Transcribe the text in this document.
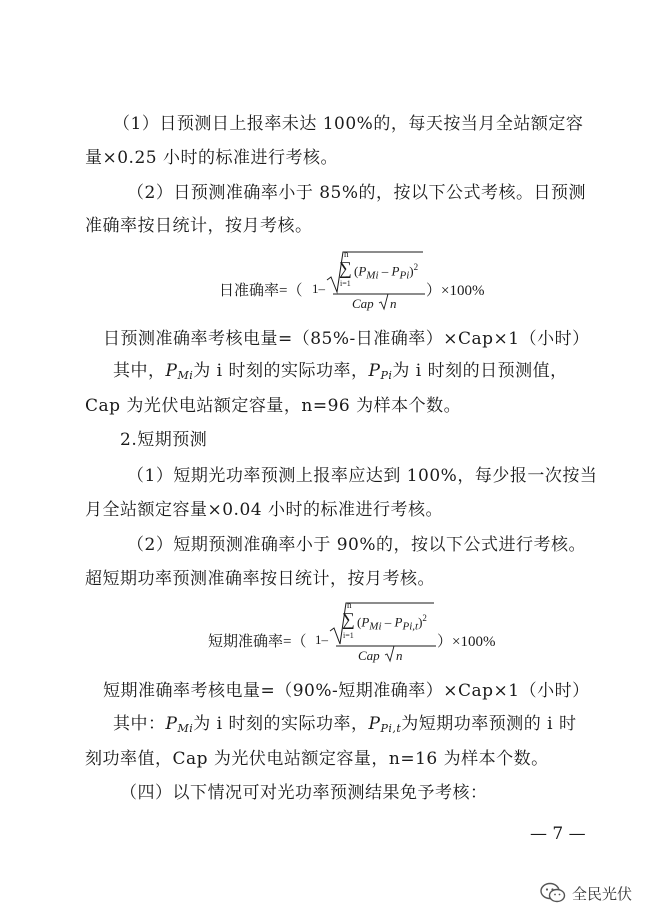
（1）日预测日上报率未达 100%的，每天按当月全站额定容
量×0.25 小时的标准进行考核。
（2）日预测准确率小于 85%的，按以下公式考核。日预测
准确率按日统计，按月考核。
日准确率=（ 1–
n
∑
i=1
$(P_{Mi} - P_{Pi})^2$
Cap n
）×100%
日预测准确率考核电量=（85%-日准确率）×Cap×1（小时）
其中，$P_{Mi}$为 i 时刻的实际功率，$P_{Pi}$为 i 时刻的日预测值，
Cap 为光伏电站额定容量，n=96 为样本个数。
2.短期预测
（1）短期光功率预测上报率应达到 100%，每少报一次按当
月全站额定容量×0.04 小时的标准进行考核。
（2）短期预测准确率小于 90%的，按以下公式进行考核。
超短期功率预测准确率按日统计，按月考核。
短期准确率=（ 1–
n
∑
i=1
$(P_{Mi} - P_{Pi,t})^2$
Cap n
）×100%
短期准确率考核电量=（90%-短期准确率）×Cap×1（小时）
其中：$P_{Mi}$为 i 时刻的实际功率，$P_{Pi,t}$为短期功率预测的 i 时
刻功率值，Cap 为光伏电站额定容量，n=16 为样本个数。
（四）以下情况可对光功率预测结果免予考核：
— 7 —
全民光伏
